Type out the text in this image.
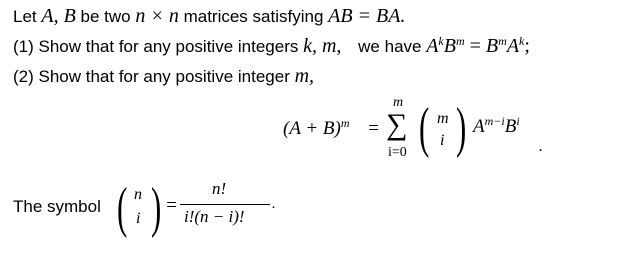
Let A, B be two n × n matrices satisfying AB = BA.
(1) Show that for any positive integers k, m, we have $A^kB^m = B^mA^k$;
(2) Show that for any positive integer m,
$(A + B)^m$ =
m
∑
i=0 ( m
i ) $A^{m-i}B^i$
.
The symbol ( n
i ) =
n!
i!(n − i)!
.
